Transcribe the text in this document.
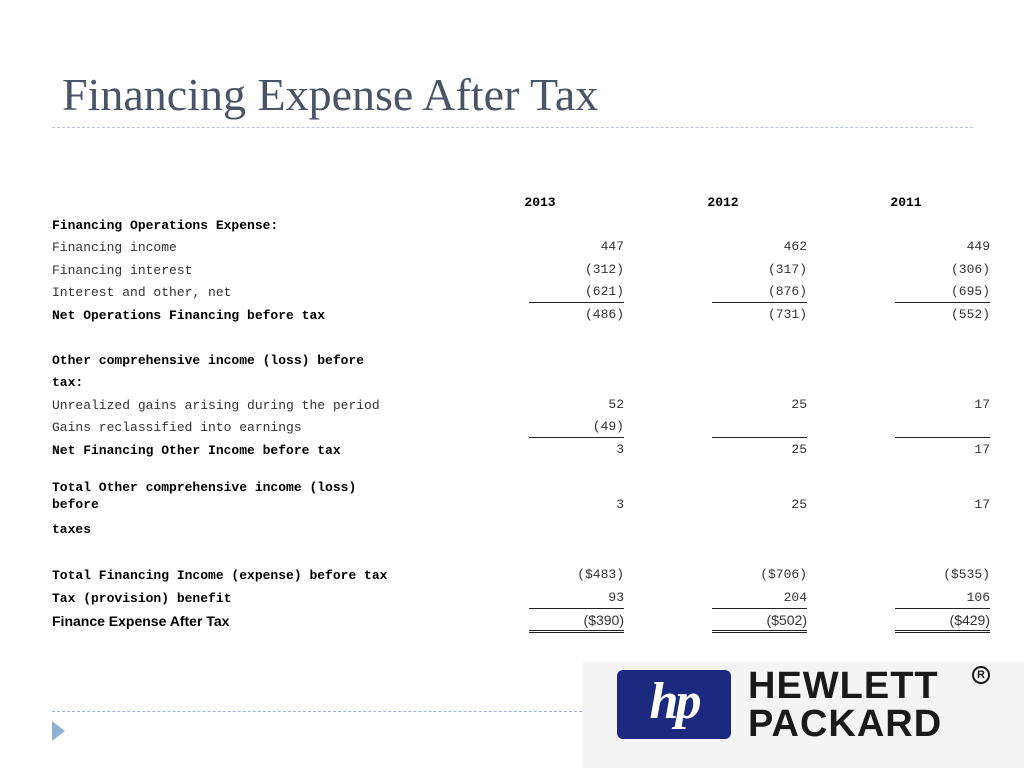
Financing Expense After Tax
2013	2012	2011
Financing Operations Expense:
Financing income	447	462	449
Financing interest	(312)	(317)	(306)
Interest and other, net	(621)	(876)	(695)
Net Operations Financing before tax	(486)	(731)	(552)
Other comprehensive income (loss) before
tax:
Unrealized gains arising during the period	52	25	17
Gains reclassified into earnings	(49)
Net Financing Other Income before tax	3	25	17
Total Other comprehensive income (loss)
before	3	25	17
taxes
Total Financing Income (expense) before tax	($483)	($706)	($535)
Tax (provision) benefit	93	204	106
Finance Expense After Tax	($390)	($502)	($429)
hp	HEWLETT
PACKARD
R
